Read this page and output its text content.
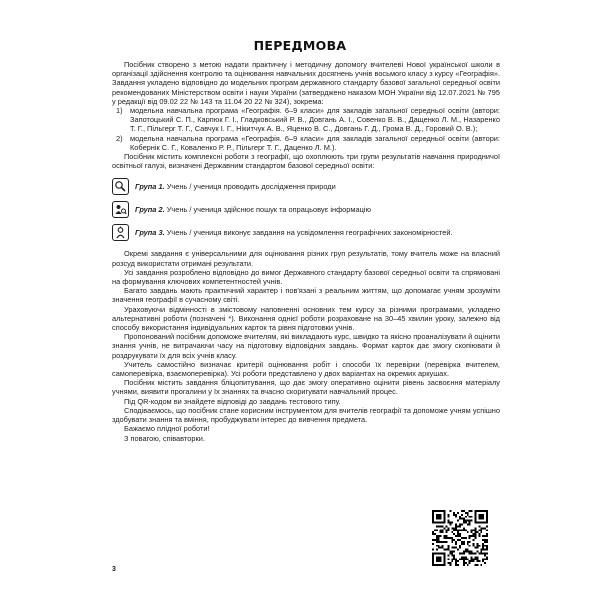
ПЕРЕДМОВА

Посібник створено з метою надати практичну і методичну допомогу вчителеві Нової української школи в організації здійснення контролю та оцінювання навчальних досягнень учнів восьмого класу з курсу «Географія». Завдання укладено відповідно до модельних програм державного стандарту базової загальної середньої освіти рекомендованих Міністерством освіти і науки України (затверджено наказом МОН України від 12.07.2021 № 795 у редакції від 09.02 22 № 143 та 11.04 20 22 № 324), зокрема:

1)	модельна навчальна програма «Географія. 6–9 класи» для закладів загальної середньої освіти (автори: Запотоцький С. П., Карпюк Г. І., Гладковський Р. В., Довгань А. І., Совенко В. В., Дащенко Л. М., Назаренко Т. Г., Пільгерг Т. Г., Савчук І. Г., Нікитчук А. В., Яценко В. С., Довгань Г. Д., Грома В. Д., Горовий О. В.);
2)	модельна навчальна програма «Географія. 6–9 класи» для закладів загальної середньої освіти (автори: Кобернік С. Г., Коваленко Р. Р., Пільгерг Т. Г., Даценко Л. М.).

Посібник містить комплексні роботи з географії, що охоплюють три групи результатів навчання природничої освітньої галузі, визначені Державним стандартом базової середньої освіти:

Група 1. Учень / учениця проводить дослідження природи
Група 2. Учень / учениця здійснює пошук та опрацьовує інформацію
Група 3. Учень / учениця виконує завдання на усвідомлення географічних закономірностей.

Окремі завдання є універсальними для оцінювання різних груп результатів, тому вчитель може на власний розсуд використати отримані результати.

Усі завдання розроблено відповідно до вимог Державного стандарту базової середньої освіти та спрямовані на формування ключових компетентностей учнів.

Багато завдань мають практичний характер і пов'язані з реальним життям, що допомагає учням зрозуміти значення географії в сучасному світі.

Ураховуючи відмінності в змістовому наповненні основних тем курсу за різними програмами, укладено альтернативні роботи (позначені *). Виконання однієї роботи розраховане на 30–45 хвилин уроку, залежно від способу використання індивідуальних карток та рівня підготовки учнів.

Пропонований посібник допоможе вчителям, які викладають курс, швидко та якісно проаналізувати й оцінити знання учнів, не витрачаючи часу на підготовку відповідних завдань. Формат карток дає змогу скопіювати й роздрукувати їх для всіх учнів класу.

Учитель самостійно визначає критерії оцінювання робіт і способи їх перевірки (перевірка вчителем, самоперевірка, взаємоперевірка). Усі роботи представлено у двох варіантах на окремих аркушах.

Посібник містить завдання бліцопитування, що дає змогу оперативно оцінити рівень засвоєння матеріалу учнями, виявити прогалини у їх знаннях та вчасно скоригувати навчальний процес.

Під QR-кодом ви знайдете відповіді до завдань тестового типу.

Сподіваємось, що посібник стане корисним інструментом для вчителів географії та допоможе учням успішно здобувати знання та вміння, пробуджувати інтерес до вивчення предмета.

Бажаємо плідної роботи!

З повагою, співавторки.

3
